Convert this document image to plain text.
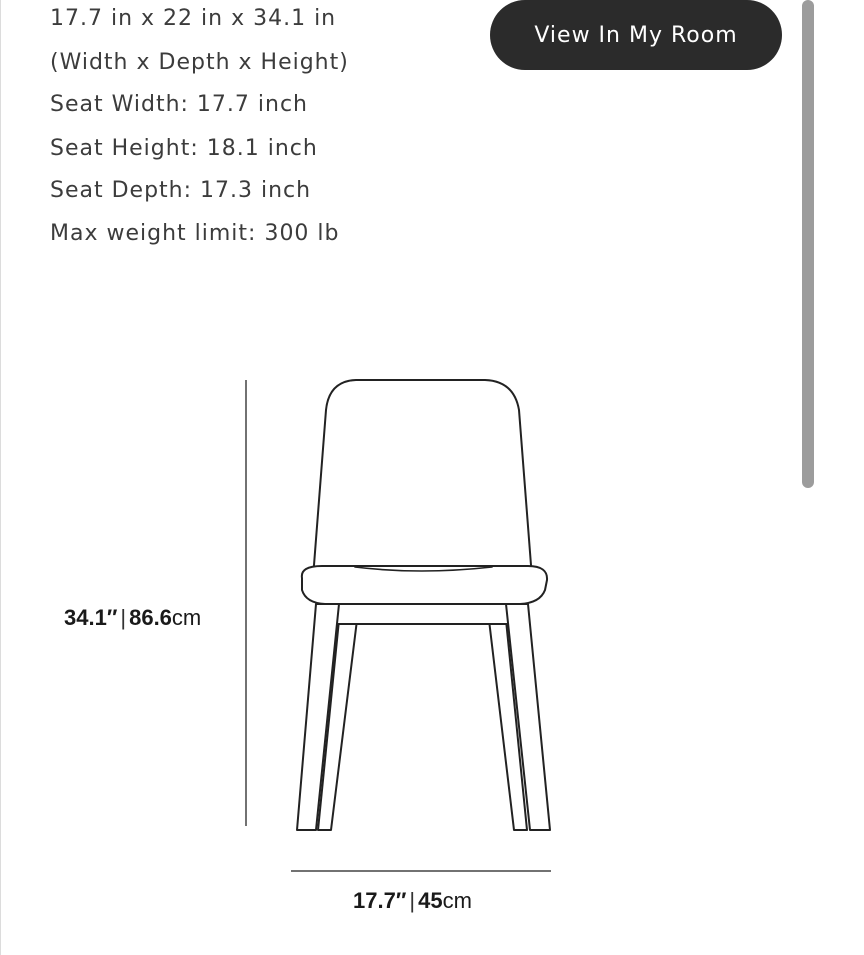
17.7 in x 22 in x 34.1 in
(Width x Depth x Height)
Seat Width: 17.7 inch
Seat Height: 18.1 inch
Seat Depth: 17.3 inch
Max weight limit: 300 lb
View In My Room
34.1″ | 86.6cm
17.7″ | 45cm
